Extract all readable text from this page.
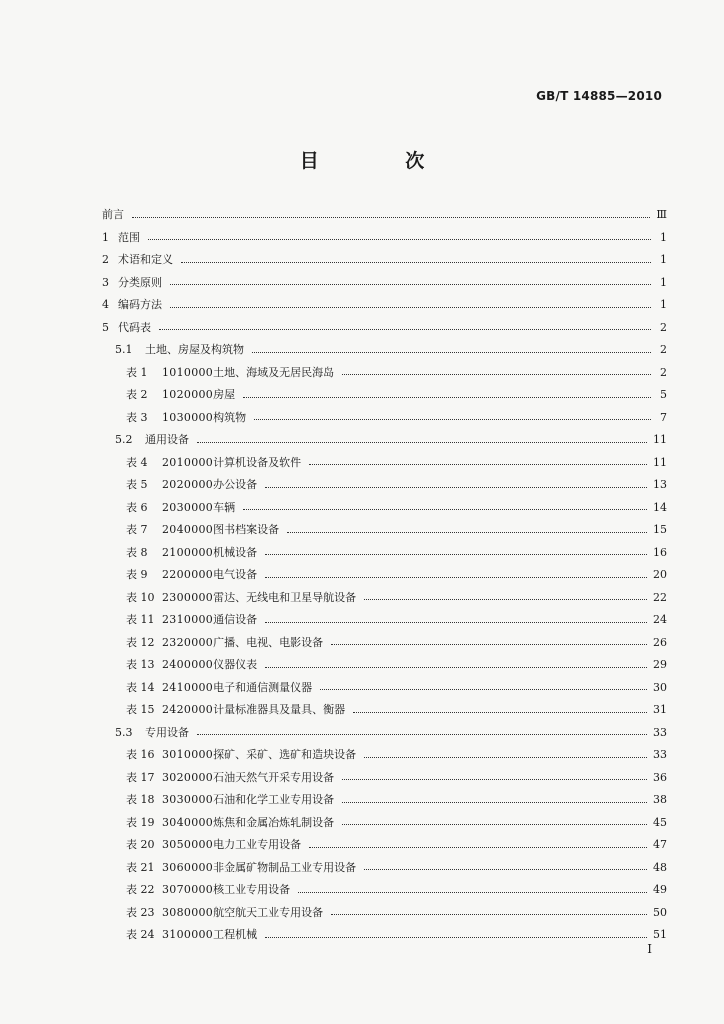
GB/T 14885—2010
目 次
前言	Ⅲ
1 范围	1
2 术语和定义	1
3 分类原则	1
4 编码方法	1
5 代码表	2
5.1	土地、房屋及构筑物	2
表 1	1010000 土地、海域及无居民海岛	2
表 2	1020000 房屋	5
表 3	1030000 构筑物	7
5.2	通用设备	11
表 4	2010000 计算机设备及软件	11
表 5	2020000 办公设备	13
表 6	2030000 车辆	14
表 7	2040000 图书档案设备	15
表 8	2100000 机械设备	16
表 9	2200000 电气设备	20
表 10 2300000 雷达、无线电和卫星导航设备	22
表 11 2310000 通信设备	24
表 12 2320000 广播、电视、电影设备	26
表 13 2400000 仪器仪表	29
表 14 2410000 电子和通信测量仪器	30
表 15 2420000 计量标准器具及量具、衡器	31
5.3	专用设备	33
表 16 3010000 探矿、采矿、选矿和造块设备	33
表 17 3020000 石油天然气开采专用设备	36
表 18 3030000 石油和化学工业专用设备	38
表 19 3040000 炼焦和金属冶炼轧制设备	45
表 20 3050000 电力工业专用设备	47
表 21 3060000 非金属矿物制品工业专用设备	48
表 22 3070000 核工业专用设备	49
表 23 3080000 航空航天工业专用设备	50
表 24 3100000 工程机械	51
I
